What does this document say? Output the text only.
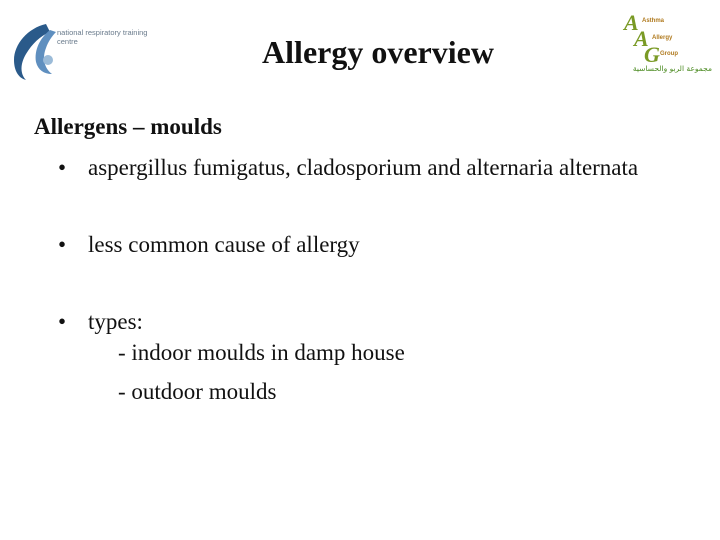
national respiratory training centre
A Asthma
A Allergy
G Group
مجموعة الربو والحساسية
Allergy overview
Allergens – moulds
• aspergillus fumigatus, cladosporium and alternaria alternata
• less common cause of allergy
• types:
- indoor moulds in damp house
- outdoor moulds
